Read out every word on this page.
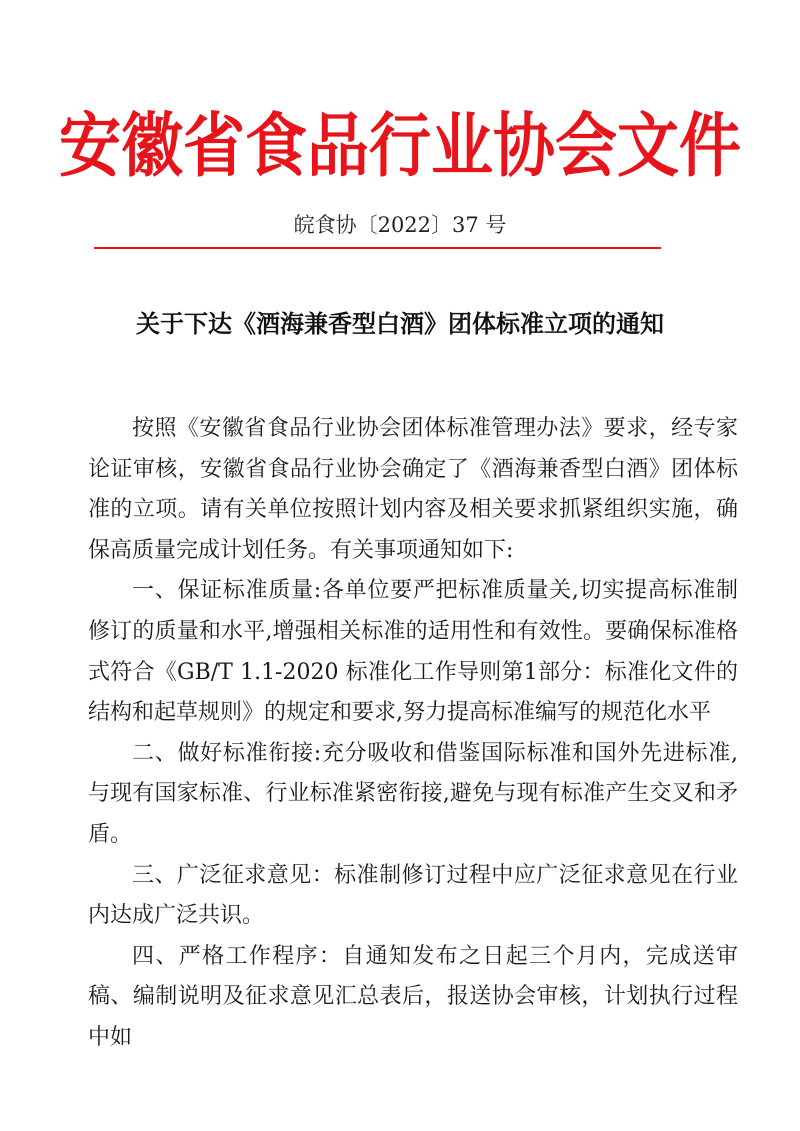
安徽省食品行业协会文件
皖食协〔2022〕37 号
关于下达《酒海兼香型白酒》团体标准立项的通知

按照《安徽省食品行业协会团体标准管理办法》要求，经专家论证审核，安徽省食品行业协会确定了《酒海兼香型白酒》团体标准的立项。请有关单位按照计划内容及相关要求抓紧组织实施，确保高质量完成计划任务。有关事项通知如下:

一、保证标准质量:各单位要严把标准质量关,切实提高标准制修订的质量和水平,增强相关标准的适用性和有效性。要确保标准格式符合《GB/T 1.1-2020 标准化工作导则第1部分：标准化文件的结构和起草规则》的规定和要求,努力提高标准编写的规范化水平

二、做好标准衔接:充分吸收和借鉴国际标准和国外先进标准,与现有国家标准、行业标准紧密衔接,避免与现有标准产生交叉和矛盾。

三、广泛征求意见：标准制修订过程中应广泛征求意见在行业内达成广泛共识。

四、严格工作程序：自通知发布之日起三个月内，完成送审稿、编制说明及征求意见汇总表后，报送协会审核，计划执行过程中如
